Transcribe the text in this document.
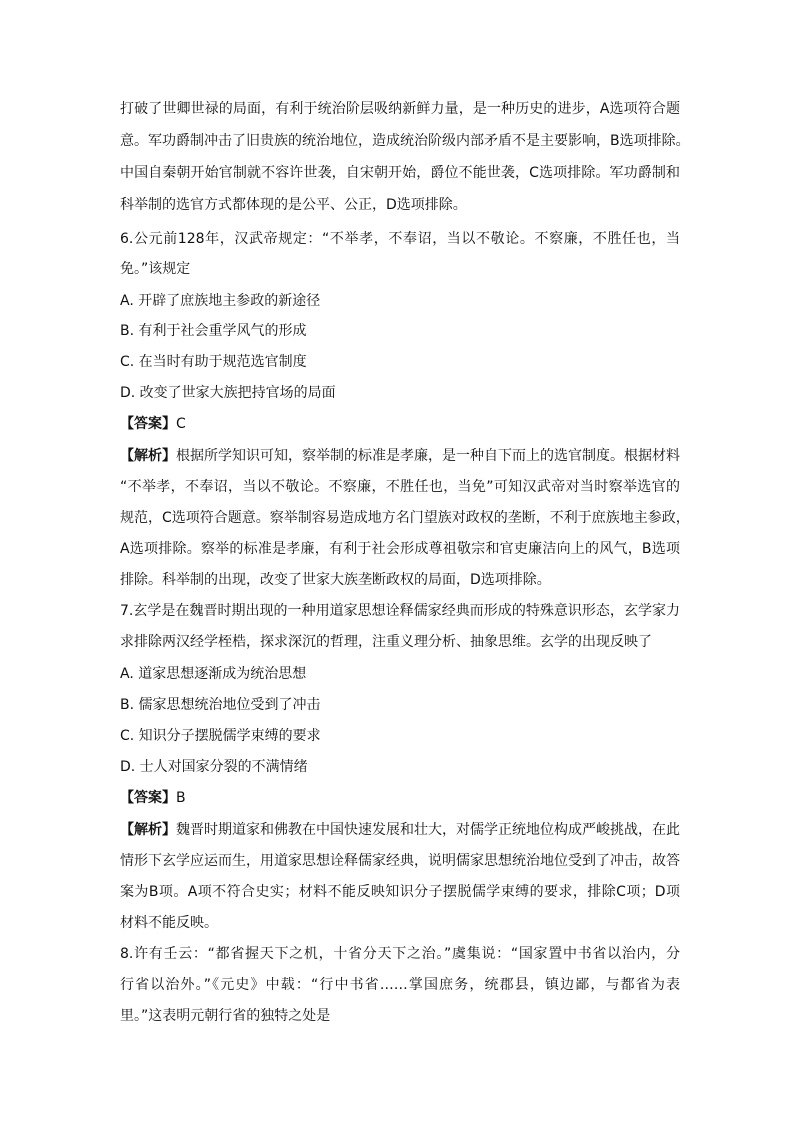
打破了世卿世禄的局面，有利于统治阶层吸纳新鲜力量，是一种历史的进步，A选项符合题
意。军功爵制冲击了旧贵族的统治地位，造成统治阶级内部矛盾不是主要影响，B选项排除。
中国自秦朝开始官制就不容许世袭，自宋朝开始，爵位不能世袭，C选项排除。军功爵制和
科举制的选官方式都体现的是公平、公正，D选项排除。
6.公元前128年，汉武帝规定：“不举孝，不奉诏，当以不敬论。不察廉，不胜任也，当
免。”该规定
A. 开辟了庶族地主参政的新途径
B. 有利于社会重学风气的形成
C. 在当时有助于规范选官制度
D. 改变了世家大族把持官场的局面
【答案】C
【解析】根据所学知识可知，察举制的标准是孝廉，是一种自下而上的选官制度。根据材料
“不举孝，不奉诏，当以不敬论。不察廉，不胜任也，当免”可知汉武帝对当时察举选官的
规范，C选项符合题意。察举制容易造成地方名门望族对政权的垄断，不利于庶族地主参政，
A选项排除。察举的标准是孝廉，有利于社会形成尊祖敬宗和官吏廉洁向上的风气，B选项
排除。科举制的出现，改变了世家大族垄断政权的局面，D选项排除。
7.玄学是在魏晋时期出现的一种用道家思想诠释儒家经典而形成的特殊意识形态，玄学家力
求排除两汉经学桎梏，探求深沉的哲理，注重义理分析、抽象思维。玄学的出现反映了
A. 道家思想逐渐成为统治思想
B. 儒家思想统治地位受到了冲击
C. 知识分子摆脱儒学束缚的要求
D. 士人对国家分裂的不满情绪
【答案】B
【解析】魏晋时期道家和佛教在中国快速发展和壮大，对儒学正统地位构成严峻挑战，在此
情形下玄学应运而生，用道家思想诠释儒家经典，说明儒家思想统治地位受到了冲击，故答
案为B项。A项不符合史实；材料不能反映知识分子摆脱儒学束缚的要求，排除C项；D项
材料不能反映。
8.许有壬云：“都省握天下之机，十省分天下之治。”虞集说：“国家置中书省以治内，分
行省以治外。”《元史》中载：“行中书省……掌国庶务，统郡县，镇边鄙，与都省为表
里。”这表明元朝行省的独特之处是
